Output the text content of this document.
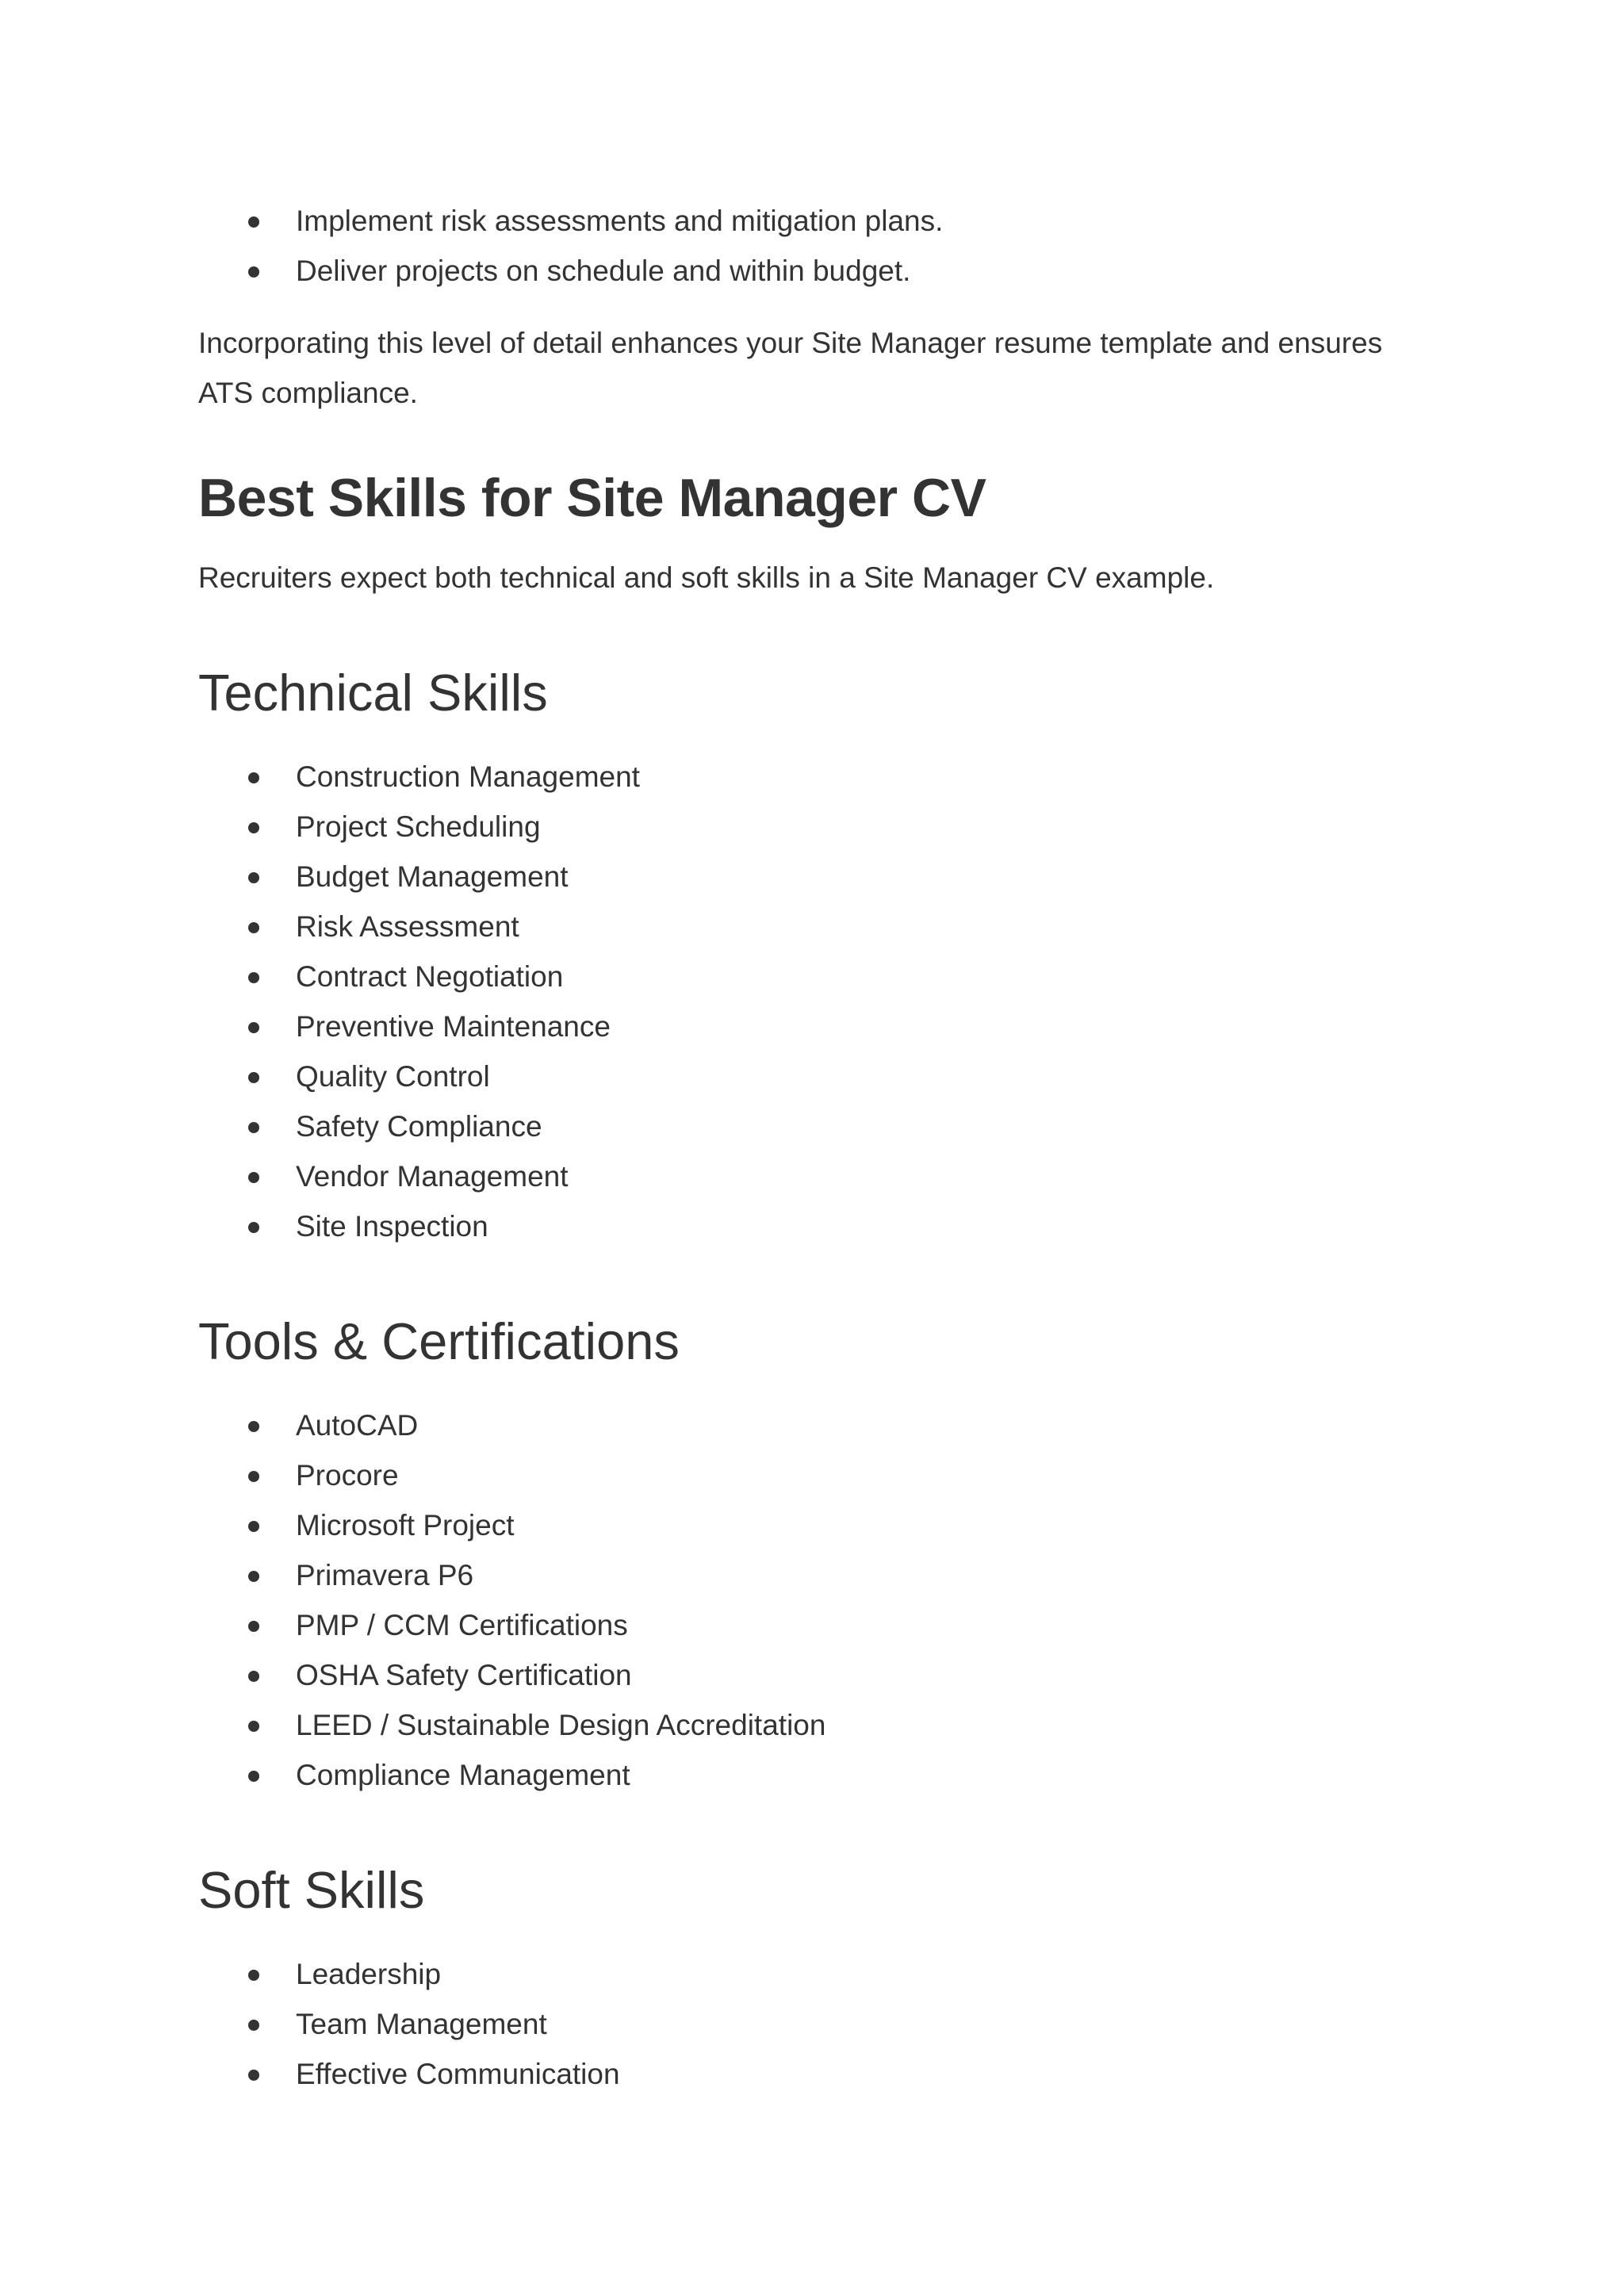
Implement risk assessments and mitigation plans.
Deliver projects on schedule and within budget.

Incorporating this level of detail enhances your Site Manager resume template and ensures ATS compliance.

Best Skills for Site Manager CV

Recruiters expect both technical and soft skills in a Site Manager CV example.

Technical Skills
Construction Management
Project Scheduling
Budget Management
Risk Assessment
Contract Negotiation
Preventive Maintenance
Quality Control
Safety Compliance
Vendor Management
Site Inspection
Tools & Certifications
AutoCAD
Procore
Microsoft Project
Primavera P6
PMP / CCM Certifications
OSHA Safety Certification
LEED / Sustainable Design Accreditation
Compliance Management
Soft Skills
Leadership
Team Management
Effective Communication
